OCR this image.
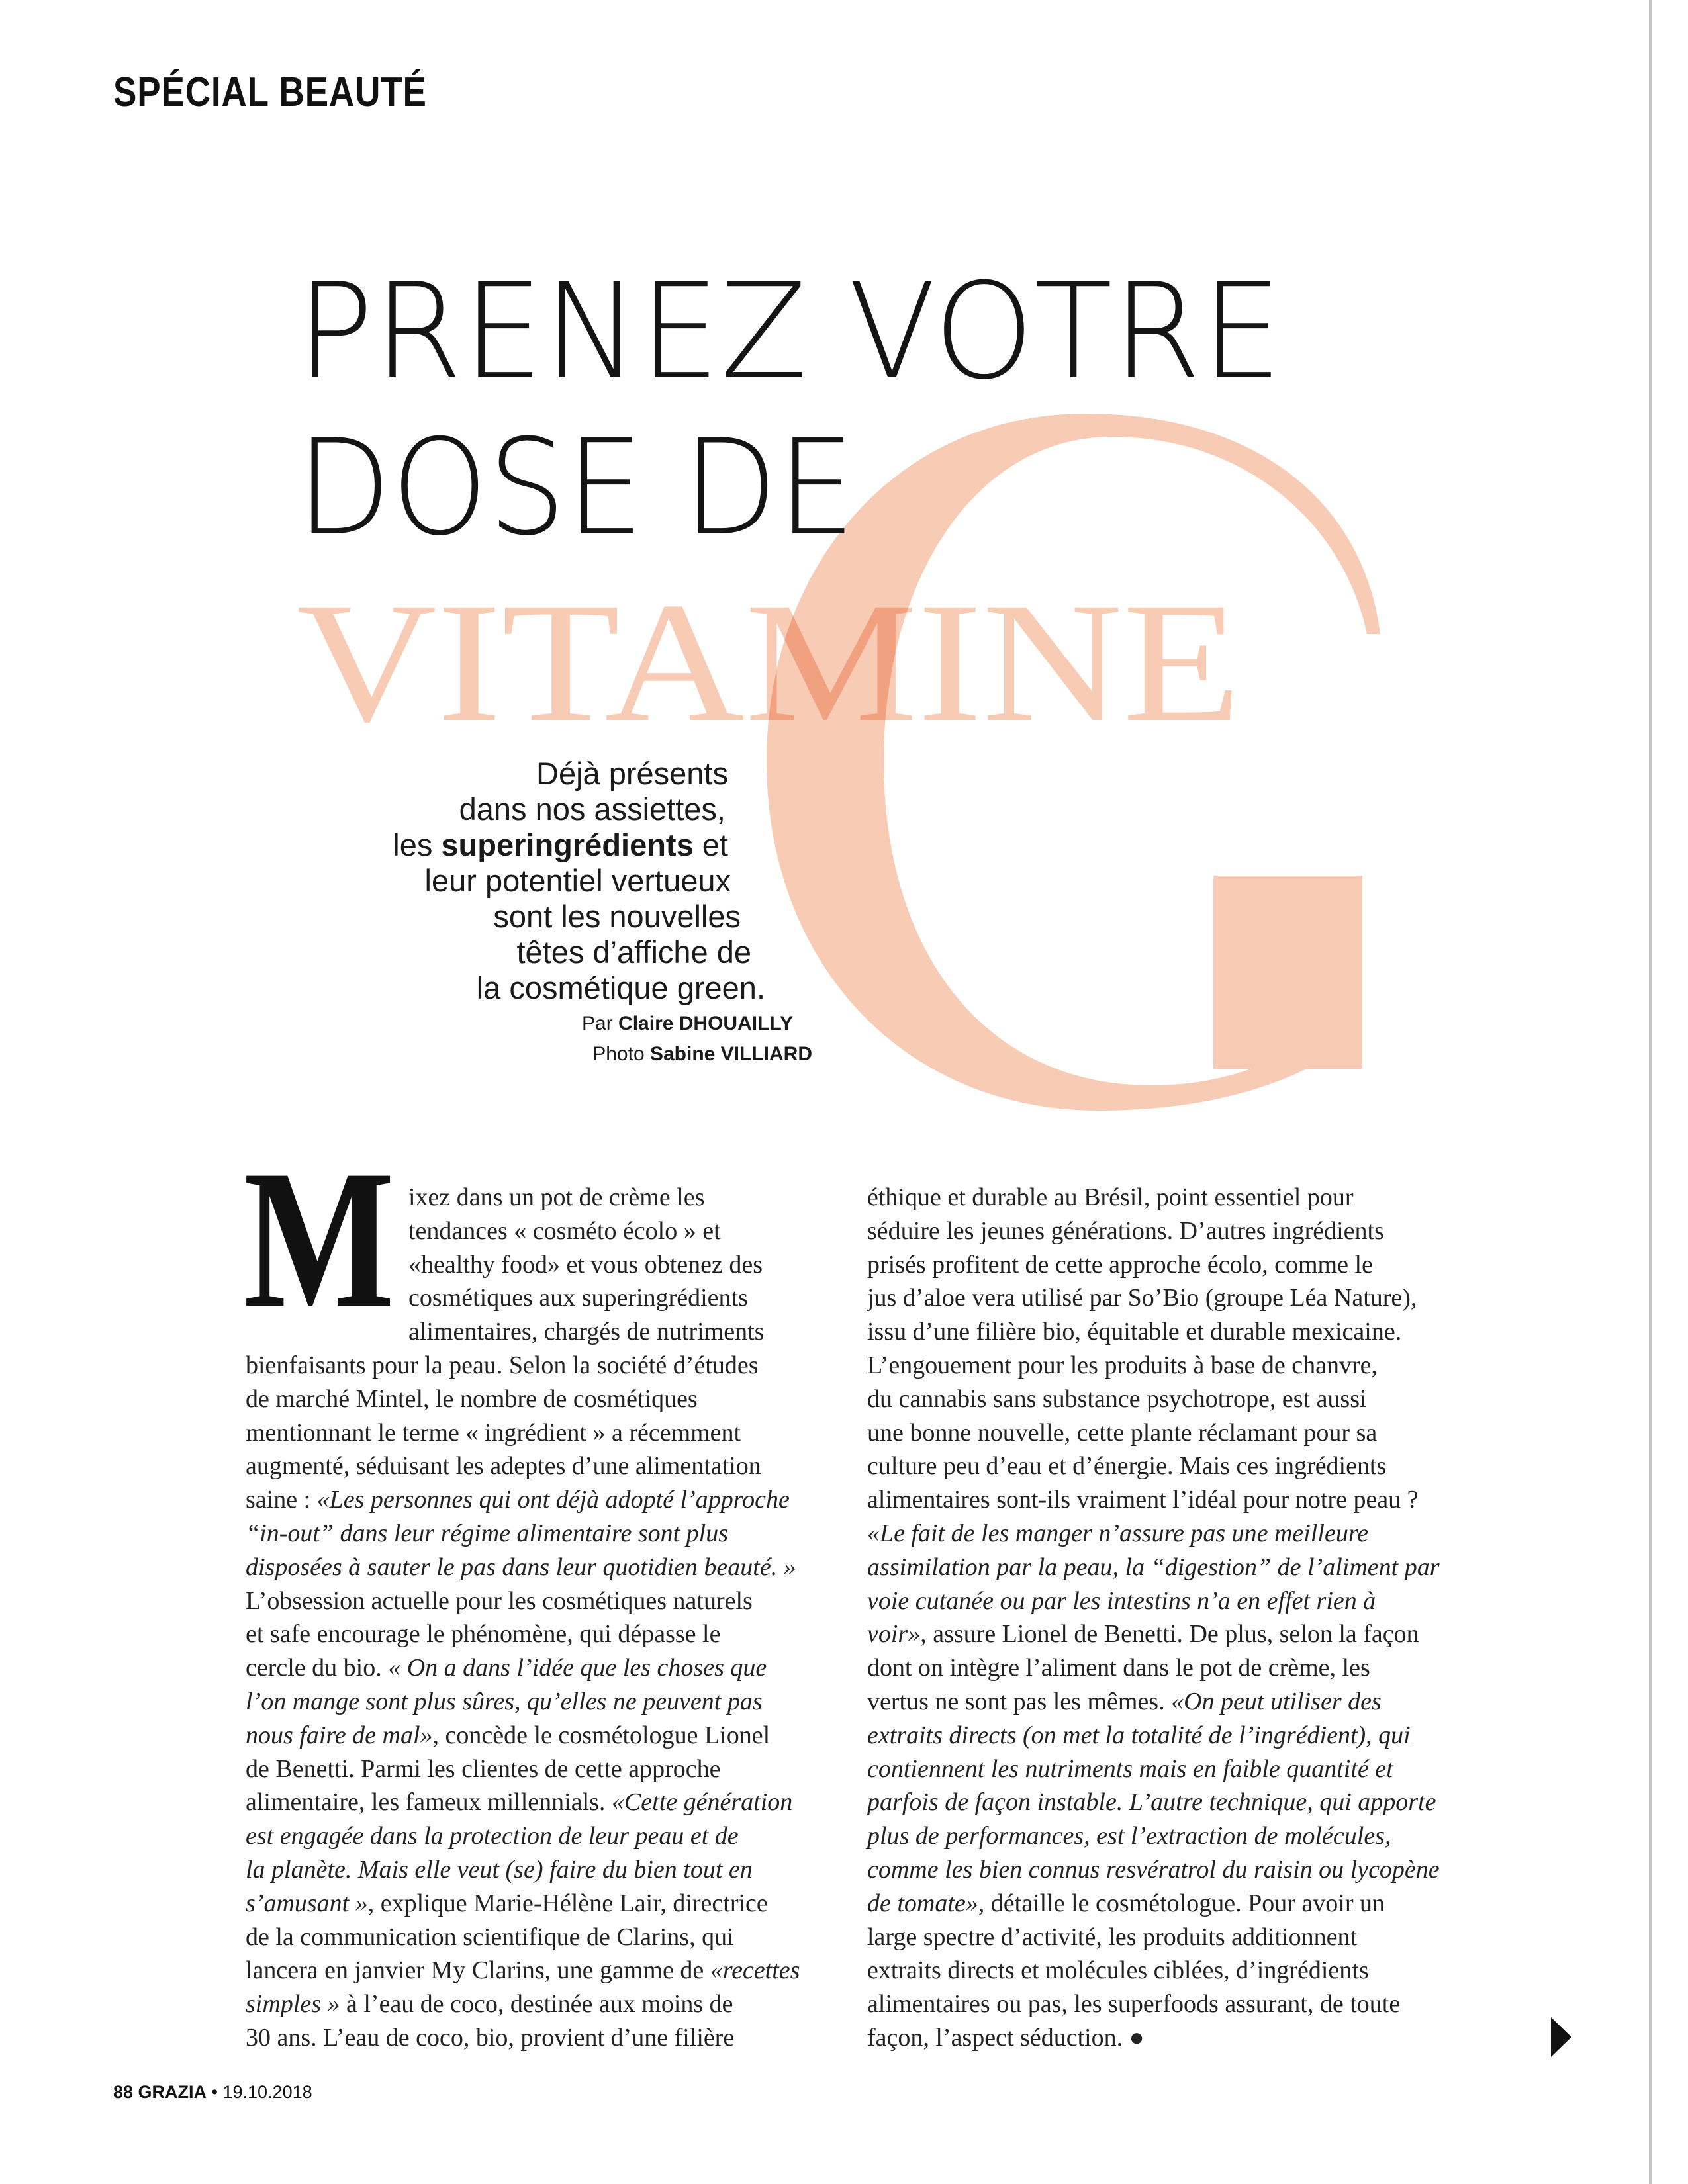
SPÉCIAL BEAUTÉ
PRENEZ VOTRE
DOSE DE
VITAMINE
Déjà présents
dans nos assiettes,
les superingrédients et
leur potentiel vertueux
sont les nouvelles
têtes d’affiche de
la cosmétique green.
Par Claire DHOUAILLY
Photo Sabine VILLIARD
M ixez dans un pot de crème les
tendances « cosméto écolo » et
«healthy food» et vous obtenez des
cosmétiques aux superingrédients
alimentaires, chargés de nutriments
bienfaisants pour la peau. Selon la société d’études
de marché Mintel, le nombre de cosmétiques
mentionnant le terme « ingrédient » a récemment
augmenté, séduisant les adeptes d’une alimentation
saine : «Les personnes qui ont déjà adopté l’approche
“in-out” dans leur régime alimentaire sont plus
disposées à sauter le pas dans leur quotidien beauté. »
L’obsession actuelle pour les cosmétiques naturels
et safe encourage le phénomène, qui dépasse le
cercle du bio. « On a dans l’idée que les choses que
l’on mange sont plus sûres, qu’elles ne peuvent pas
nous faire de mal», concède le cosmétologue Lionel
de Benetti. Parmi les clientes de cette approche
alimentaire, les fameux millennials. «Cette génération
est engagée dans la protection de leur peau et de
la planète. Mais elle veut (se) faire du bien tout en
s’amusant », explique Marie-Hélène Lair, directrice
de la communication scientifique de Clarins, qui
lancera en janvier My Clarins, une gamme de «recettes
simples » à l’eau de coco, destinée aux moins de
30 ans. L’eau de coco, bio, provient d’une filière
éthique et durable au Brésil, point essentiel pour
séduire les jeunes générations. D’autres ingrédients
prisés profitent de cette approche écolo, comme le
jus d’aloe vera utilisé par So’Bio (groupe Léa Nature),
issu d’une filière bio, équitable et durable mexicaine.
L’engouement pour les produits à base de chanvre,
du cannabis sans substance psychotrope, est aussi
une bonne nouvelle, cette plante réclamant pour sa
culture peu d’eau et d’énergie. Mais ces ingrédients
alimentaires sont-ils vraiment l’idéal pour notre peau ?
«Le fait de les manger n’assure pas une meilleure
assimilation par la peau, la “digestion” de l’aliment par
voie cutanée ou par les intestins n’a en effet rien à
voir», assure Lionel de Benetti. De plus, selon la façon
dont on intègre l’aliment dans le pot de crème, les
vertus ne sont pas les mêmes. «On peut utiliser des
extraits directs (on met la totalité de l’ingrédient), qui
contiennent les nutriments mais en faible quantité et
parfois de façon instable. L’autre technique, qui apporte
plus de performances, est l’extraction de molécules,
comme les bien connus resvératrol du raisin ou lycopène
de tomate», détaille le cosmétologue. Pour avoir un
large spectre d’activité, les produits additionnent
extraits directs et molécules ciblées, d’ingrédients
alimentaires ou pas, les superfoods assurant, de toute
façon, l’aspect séduction. ●
88 GRAZIA • 19.10.2018
